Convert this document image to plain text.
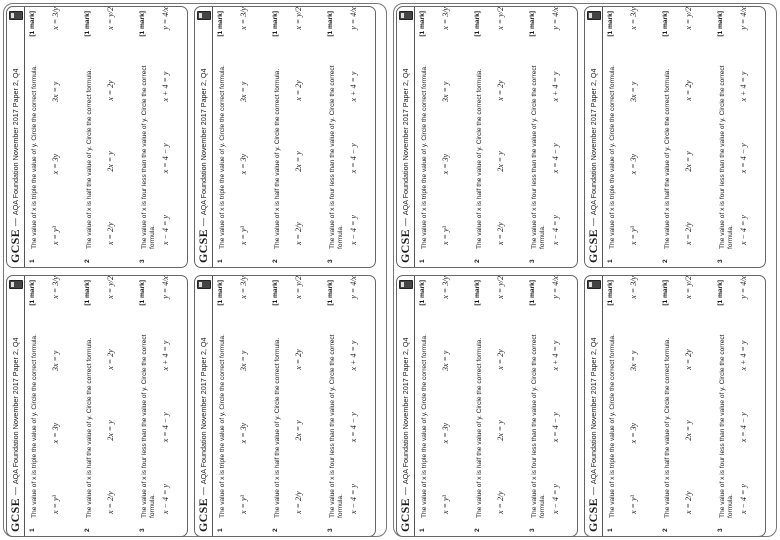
GCSE
—
AQA Foundation November 2017 Paper 2, Q4
1
The value of x is triple the value of y. Circle the correct formula.
[1 mark]
x = y³
x = 3y
3x = y
x = 3/y
2
The value of x is half the value of y. Circle the correct formula.
[1 mark]
x = 2/y
2x = y
x = 2y
x = y/2
3
The value of x is four less than the value of y. Circle the correct formula.
[1 mark]
x − 4 = y
x = 4 − y
x + 4 = y
y = 4/x
GCSE
—
AQA Foundation November 2017 Paper 2, Q4
1
The value of x is triple the value of y. Circle the correct formula.
[1 mark]
x = y³
x = 3y
3x = y
x = 3/y
2
The value of x is half the value of y. Circle the correct formula.
[1 mark]
x = 2/y
2x = y
x = 2y
x = y/2
3
The value of x is four less than the value of y. Circle the correct formula.
[1 mark]
x − 4 = y
x = 4 − y
x + 4 = y
y = 4/x
GCSE
—
AQA Foundation November 2017 Paper 2, Q4
1
The value of x is triple the value of y. Circle the correct formula.
[1 mark]
x = y³
x = 3y
3x = y
x = 3/y
2
The value of x is half the value of y. Circle the correct formula.
[1 mark]
x = 2/y
2x = y
x = 2y
x = y/2
3
The value of x is four less than the value of y. Circle the correct formula.
[1 mark]
x − 4 = y
x = 4 − y
x + 4 = y
y = 4/x
GCSE
—
AQA Foundation November 2017 Paper 2, Q4
1
The value of x is triple the value of y. Circle the correct formula.
[1 mark]
x = y³
x = 3y
3x = y
x = 3/y
2
The value of x is half the value of y. Circle the correct formula.
[1 mark]
x = 2/y
2x = y
x = 2y
x = y/2
3
The value of x is four less than the value of y. Circle the correct formula.
[1 mark]
x − 4 = y
x = 4 − y
x + 4 = y
y = 4/x
GCSE
—
AQA Foundation November 2017 Paper 2, Q4
1
The value of x is triple the value of y. Circle the correct formula.
[1 mark]
x = y³
x = 3y
3x = y
x = 3/y
2
The value of x is half the value of y. Circle the correct formula.
[1 mark]
x = 2/y
2x = y
x = 2y
x = y/2
3
The value of x is four less than the value of y. Circle the correct formula.
[1 mark]
x − 4 = y
x = 4 − y
x + 4 = y
y = 4/x
GCSE
—
AQA Foundation November 2017 Paper 2, Q4
1
The value of x is triple the value of y. Circle the correct formula.
[1 mark]
x = y³
x = 3y
3x = y
x = 3/y
2
The value of x is half the value of y. Circle the correct formula.
[1 mark]
x = 2/y
2x = y
x = 2y
x = y/2
3
The value of x is four less than the value of y. Circle the correct formula.
[1 mark]
x − 4 = y
x = 4 − y
x + 4 = y
y = 4/x
GCSE
—
AQA Foundation November 2017 Paper 2, Q4
1
The value of x is triple the value of y. Circle the correct formula.
[1 mark]
x = y³
x = 3y
3x = y
x = 3/y
2
The value of x is half the value of y. Circle the correct formula.
[1 mark]
x = 2/y
2x = y
x = 2y
x = y/2
3
The value of x is four less than the value of y. Circle the correct formula.
[1 mark]
x − 4 = y
x = 4 − y
x + 4 = y
y = 4/x
GCSE
—
AQA Foundation November 2017 Paper 2, Q4
1
The value of x is triple the value of y. Circle the correct formula.
[1 mark]
x = y³
x = 3y
3x = y
x = 3/y
2
The value of x is half the value of y. Circle the correct formula.
[1 mark]
x = 2/y
2x = y
x = 2y
x = y/2
3
The value of x is four less than the value of y. Circle the correct formula.
[1 mark]
x − 4 = y
x = 4 − y
x + 4 = y
y = 4/x
